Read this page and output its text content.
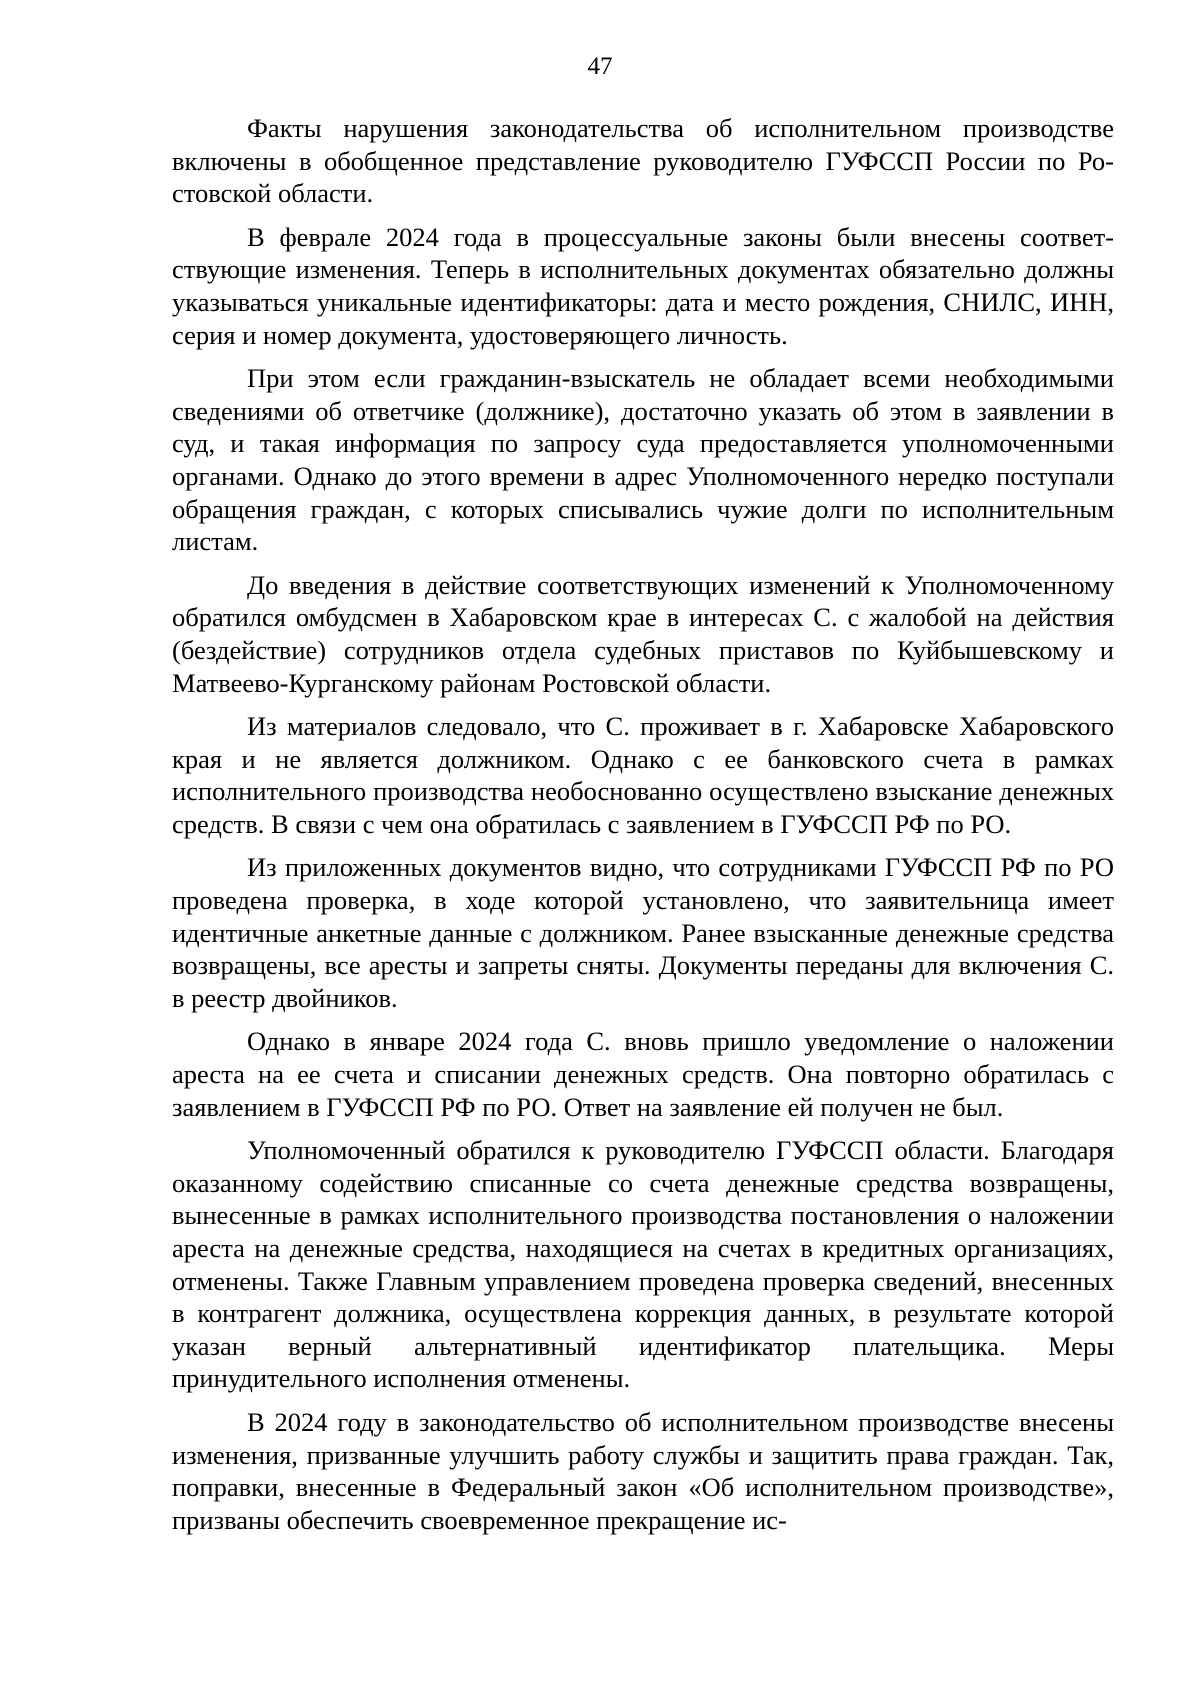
47

Факты нарушения законодательства об исполнительном производстве включены в обобщенное представление руководителю ГУФССП России по Ростовской области.

В феврале 2024 года в процессуальные законы были внесены соответствующие изменения. Теперь в исполнительных документах обязательно должны указываться уникальные идентификаторы: дата и место рождения, СНИЛС, ИНН, серия и номер документа, удостоверяющего личность.

При этом если гражданин-взыскатель не обладает всеми необходимыми сведениями об ответчике (должнике), достаточно указать об этом в заявлении в суд, и такая информация по запросу суда предоставляется уполномоченными органами. Однако до этого времени в адрес Уполномоченного нередко поступали обращения граждан, с которых списывались чужие долги по исполнительным листам.

До введения в действие соответствующих изменений к Уполномоченному обратился омбудсмен в Хабаровском крае в интересах С. с жалобой на действия (бездействие) сотрудников отдела судебных приставов по Куйбышевскому и Матвеево-Курганскому районам Ростовской области.

Из материалов следовало, что С. проживает в г. Хабаровске Хабаровского края и не является должником. Однако с ее банковского счета в рамках исполнительного производства необоснованно осуществлено взыскание денежных средств. В связи с чем она обратилась с заявлением в ГУФССП РФ по РО.

Из приложенных документов видно, что сотрудниками ГУФССП РФ по РО проведена проверка, в ходе которой установлено, что заявительница имеет идентичные анкетные данные с должником. Ранее взысканные денежные средства возвращены, все аресты и запреты сняты. Документы переданы для включения С. в реестр двойников.

Однако в январе 2024 года С. вновь пришло уведомление о наложении ареста на ее счета и списании денежных средств. Она повторно обратилась с заявлением в ГУФССП РФ по РО. Ответ на заявление ей получен не был.

Уполномоченный обратился к руководителю ГУФССП области. Благодаря оказанному содействию списанные со счета денежные средства возвращены, вынесенные в рамках исполнительного производства постановления о наложении ареста на денежные средства, находящиеся на счетах в кредитных организациях, отменены. Также Главным управлением проведена проверка сведений, внесенных в контрагент должника, осуществлена коррекция данных, в результате которой указан верный альтернативный идентификатор плательщика. Меры принудительного исполнения отменены.

В 2024 году в законодательство об исполнительном производстве внесены изменения, призванные улучшить работу службы и защитить права граждан. Так, поправки, внесенные в Федеральный закон «Об исполнительном производстве», призваны обеспечить своевременное прекращение ис-
